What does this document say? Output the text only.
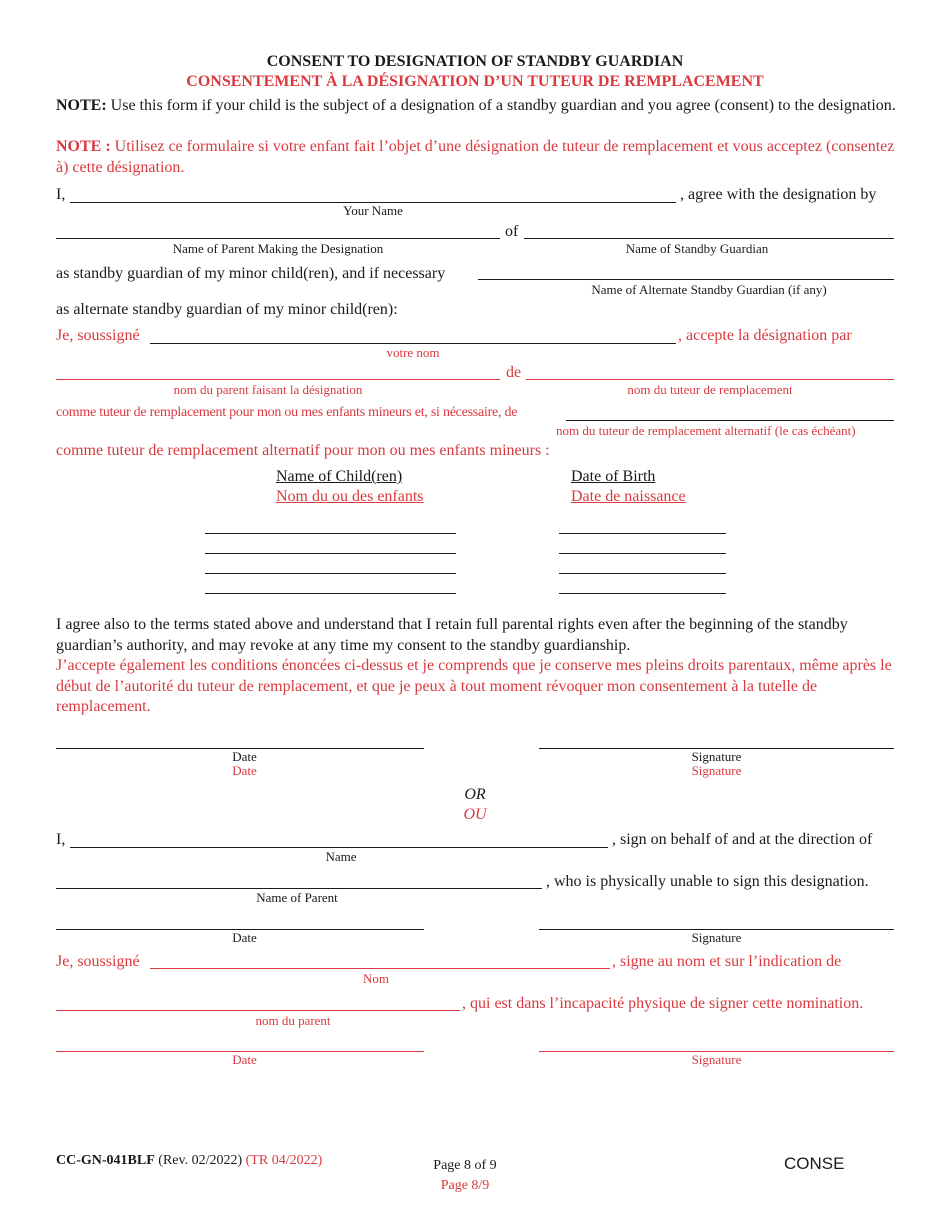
CONSENT TO DESIGNATION OF STANDBY GUARDIAN
CONSENTEMENT À LA DÉSIGNATION D’UN TUTEUR DE REMPLACEMENT
NOTE: Use this form if your child is the subject of a designation of a standby guardian and you agree (consent) to the designation.
NOTE : Utilisez ce formulaire si votre enfant fait l’objet d’une désignation de tuteur de remplacement et vous acceptez (consentez à) cette désignation.
I,	, agree with the designation by
Your Name
of
Name of Parent Making the Designation	Name of Standby Guardian
as standby guardian of my minor child(ren), and if necessary
Name of Alternate Standby Guardian (if any)
as alternate standby guardian of my minor child(ren):
Je, soussigné	, accepte la désignation par
votre nom
de
nom du parent faisant la désignation	nom du tuteur de remplacement
comme tuteur de remplacement pour mon ou mes enfants mineurs et, si nécessaire, de
nom du tuteur de remplacement alternatif (le cas échéant)
comme tuteur de remplacement alternatif pour mon ou mes enfants mineurs :
Name of Child(ren)
Nom du ou des enfants
Date of Birth
Date de naissance
I agree also to the terms stated above and understand that I retain full parental rights even after the beginning of the standby guardian’s authority, and may revoke at any time my consent to the standby guardianship.
J’accepte également les conditions énoncées ci-dessus et je comprends que je conserve mes pleins droits parentaux, même après le début de l’autorité du tuteur de remplacement, et que je peux à tout moment révoquer mon consentement à la tutelle de remplacement.
Date
Date
Signature
Signature
OR
OU
I,	, sign on behalf of and at the direction of
Name
, who is physically unable to sign this designation.
Name of Parent
Date	Signature
Je, soussigné	, signe au nom et sur l’indication de
Nom
, qui est dans l’incapacité physique de signer cette nomination.
nom du parent
Date	Signature
CC-GN-041BLF (Rev. 02/2022) (TR 04/2022)	Page 8 of 9
Page 8/9
CONSE
